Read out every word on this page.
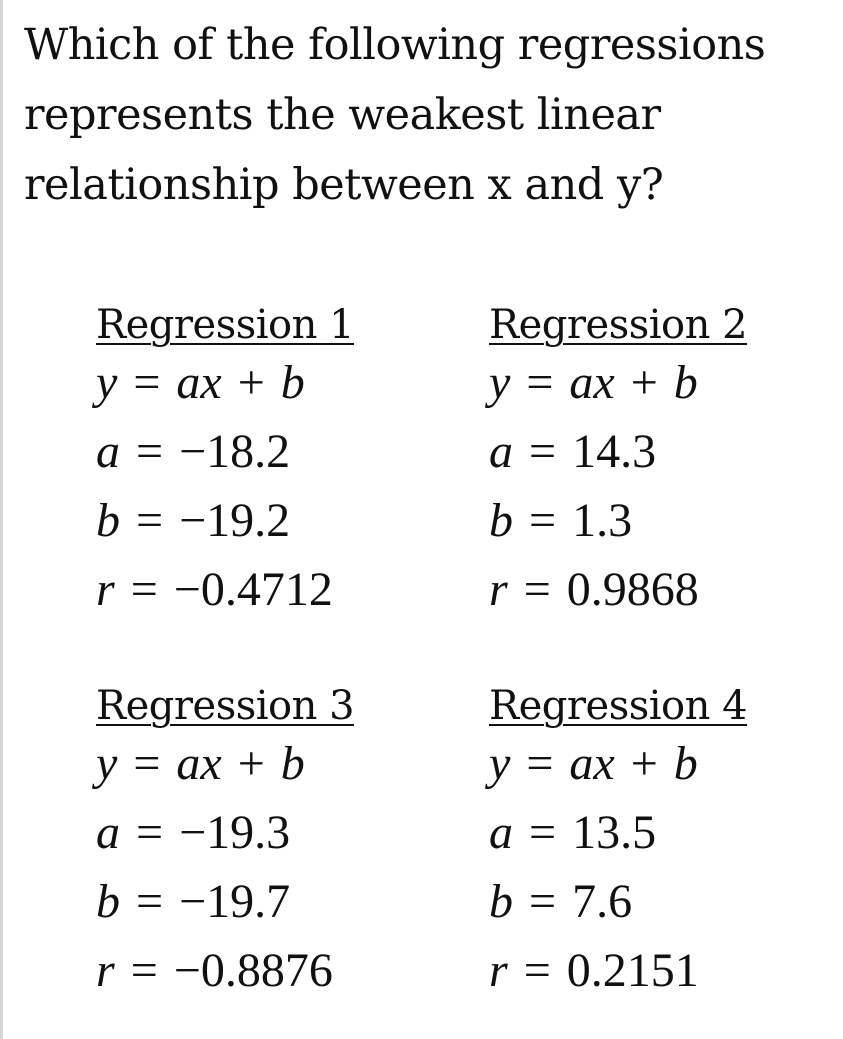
Which of the following regressions represents the weakest linear relationship between x and y?

Regression 1
y = ax + b
a = −18.2
b = −19.2
r = −0.4712
Regression 2
y = ax + b
a = 14.3
b = 1.3
r = 0.9868
Regression 3
y = ax + b
a = −19.3
b = −19.7
r = −0.8876
Regression 4
y = ax + b
a = 13.5
b = 7.6
r = 0.2151
